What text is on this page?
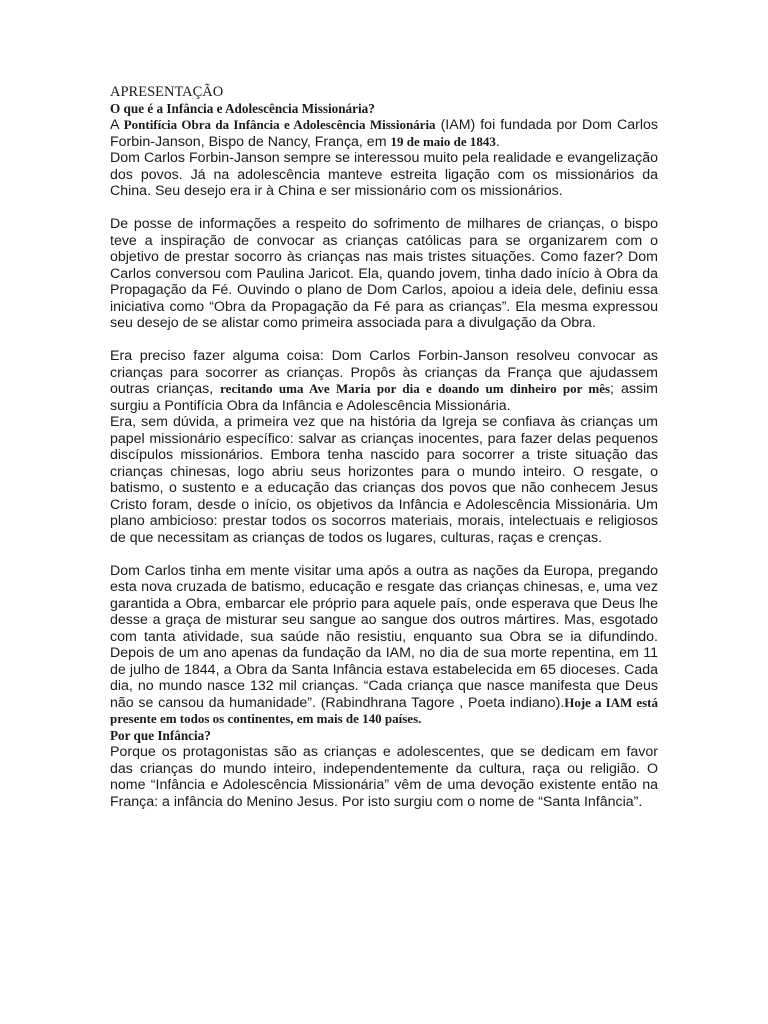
APRESENTAÇÃO

O que é a Infância e Adolescência Missionária?

A Pontifícia Obra da Infância e Adolescência Missionária (IAM) foi fundada por Dom Carlos Forbin-Janson, Bispo de Nancy, França, em 19 de maio de 1843.

Dom Carlos Forbin-Janson sempre se interessou muito pela realidade e evangelização dos povos. Já na adolescência manteve estreita ligação com os missionários da China. Seu desejo era ir à China e ser missionário com os missionários.

De posse de informações a respeito do sofrimento de milhares de crianças, o bispo teve a inspiração de convocar as crianças católicas para se organizarem com o objetivo de prestar socorro às crianças nas mais tristes situações. Como fazer? Dom Carlos conversou com Paulina Jaricot. Ela, quando jovem, tinha dado início à Obra da Propagação da Fé. Ouvindo o plano de Dom Carlos, apoiou a ideia dele, definiu essa iniciativa como “Obra da Propagação da Fé para as crianças”. Ela mesma expressou seu desejo de se alistar como primeira associada para a divulgação da Obra.

Era preciso fazer alguma coisa: Dom Carlos Forbin-Janson resolveu convocar as crianças para socorrer as crianças. Propôs às crianças da França que ajudassem outras crianças, recitando uma Ave Maria por dia e doando um dinheiro por mês; assim surgiu a Pontifícia Obra da Infância e Adolescência Missionária.

Era, sem dúvida, a primeira vez que na história da Igreja se confiava às crianças um papel missionário específico: salvar as crianças inocentes, para fazer delas pequenos discípulos missionários. Embora tenha nascido para socorrer a triste situação das crianças chinesas, logo abriu seus horizontes para o mundo inteiro. O resgate, o batismo, o sustento e a educação das crianças dos povos que não conhecem Jesus Cristo foram, desde o início, os objetivos da Infância e Adolescência Missionária. Um plano ambicioso: prestar todos os socorros materiais, morais, intelectuais e religiosos de que necessitam as crianças de todos os lugares, culturas, raças e crenças.

Dom Carlos tinha em mente visitar uma após a outra as nações da Europa, pregando esta nova cruzada de batismo, educação e resgate das crianças chinesas, e, uma vez garantida a Obra, embarcar ele próprio para aquele país, onde esperava que Deus lhe desse a graça de misturar seu sangue ao sangue dos outros mártires. Mas, esgotado com tanta atividade, sua saúde não resistiu, enquanto sua Obra se ia difundindo. Depois de um ano apenas da fundação da IAM, no dia de sua morte repentina, em 11 de julho de 1844, a Obra da Santa Infância estava estabelecida em 65 dioceses. Cada dia, no mundo nasce 132 mil crianças. “Cada criança que nasce manifesta que Deus não se cansou da humanidade”. (Rabindhrana Tagore , Poeta indiano).Hoje a IAM está presente em todos os continentes, em mais de 140 países.

Por que Infância?

Porque os protagonistas são as crianças e adolescentes, que se dedicam em favor das crianças do mundo inteiro, independentemente da cultura, raça ou religião. O nome “Infância e Adolescência Missionária” vêm de uma devoção existente então na França: a infância do Menino Jesus. Por isto surgiu com o nome de “Santa Infância”.
